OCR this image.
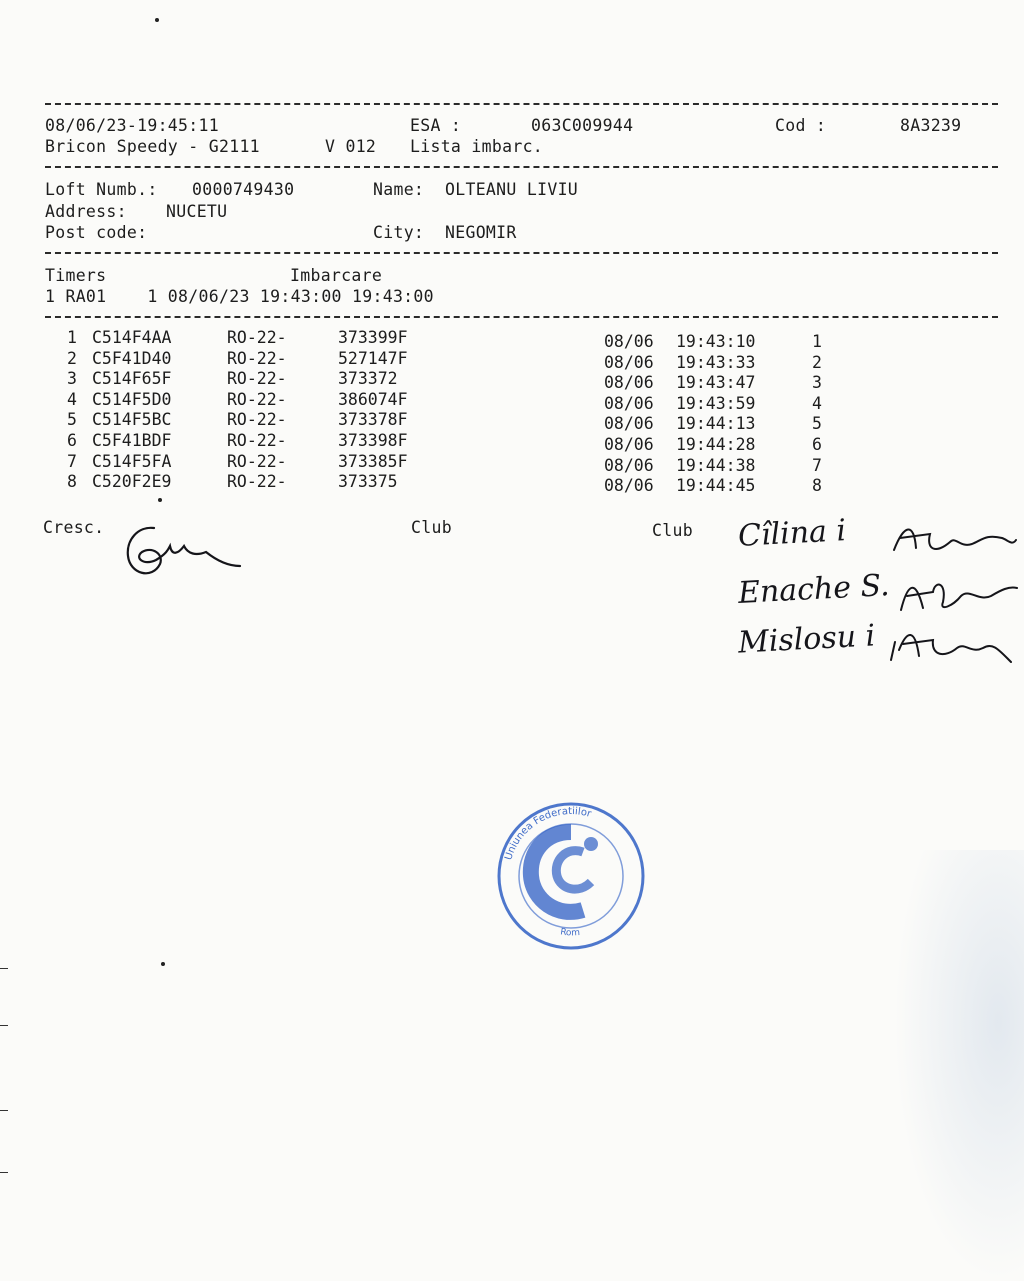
08/06/23-19:45:11	ESA :	063C009944	Cod :	8A3239
Bricon Speedy - G2111	V 012 Lista imbarc.
Loft Numb.: 0000749430	Name: OLTEANU LIVIU
Address: NUCETU
Post code:	City: NEGOMIR
Timers	Imbarcare
1 RA01    1 08/06/23 19:43:00 19:43:00
1 C514F4AA	RO-22-	373399F	08/06 19:43:10	1
2 C5F41D40	RO-22-	527147F	08/06 19:43:33	2
3 C514F65F	RO-22-	373372	08/06 19:43:47	3
4 C514F5D0	RO-22-	386074F	08/06 19:43:59	4
5 C514F5BC	RO-22-	373378F	08/06 19:44:13	5
6 C5F41BDF	RO-22-	373398F	08/06 19:44:28	6
7 C514F5FA	RO-22-	373385F	08/06 19:44:38	7
8 C520F2E9	RO-22-	373375	08/06 19:44:45	8
Cresc.	Club	Club Cîlina i
Enache S.
Mislosu i
Uniunea Federatiilor
Rom
